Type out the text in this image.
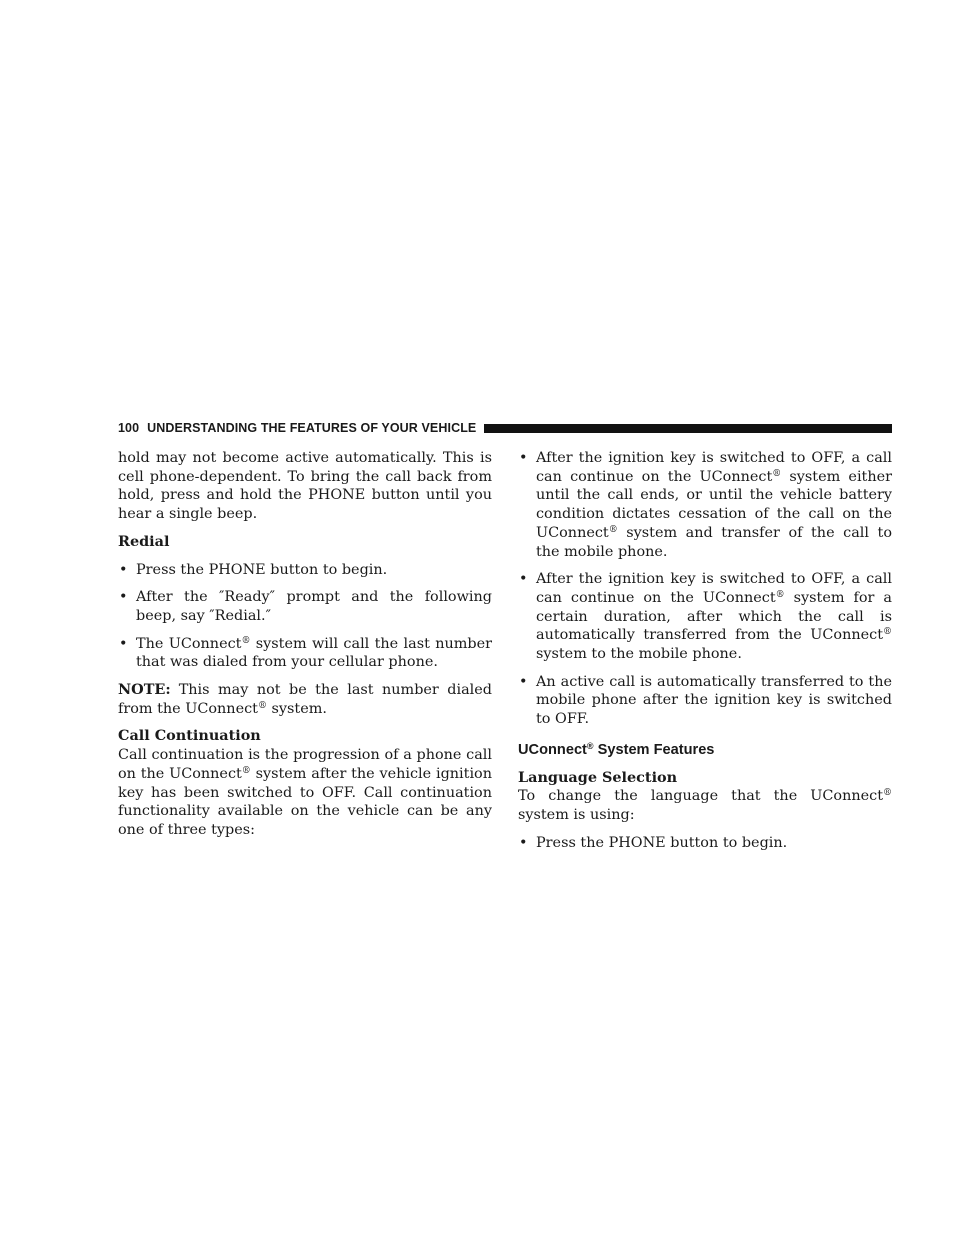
100 UNDERSTANDING THE FEATURES OF YOUR VEHICLE

hold may not become active automatically. This is cell phone-dependent. To bring the call back from hold, press and hold the PHONE button until you hear a single beep.

Redial
• Press the PHONE button to begin.
• After the ″Ready″ prompt and the following beep, say ″Redial.″
• The UConnect® system will call the last number that was dialed from your cellular phone.

NOTE: This may not be the last number dialed from the UConnect® system.

Call Continuation

Call continuation is the progression of a phone call on the UConnect® system after the vehicle ignition key has been switched to OFF. Call continuation functionality available on the vehicle can be any one of three types:

• After the ignition key is switched to OFF, a call can continue on the UConnect® system either until the call ends, or until the vehicle battery condition dictates cessation of the call on the UConnect® system and transfer of the call to the mobile phone.
• After the ignition key is switched to OFF, a call can continue on the UConnect® system for a certain duration, after which the call is automatically transferred from the UConnect® system to the mobile phone.
• An active call is automatically transferred to the mobile phone after the ignition key is switched to OFF.
UConnect® System Features
Language Selection

To change the language that the UConnect® system is using:

• Press the PHONE button to begin.
